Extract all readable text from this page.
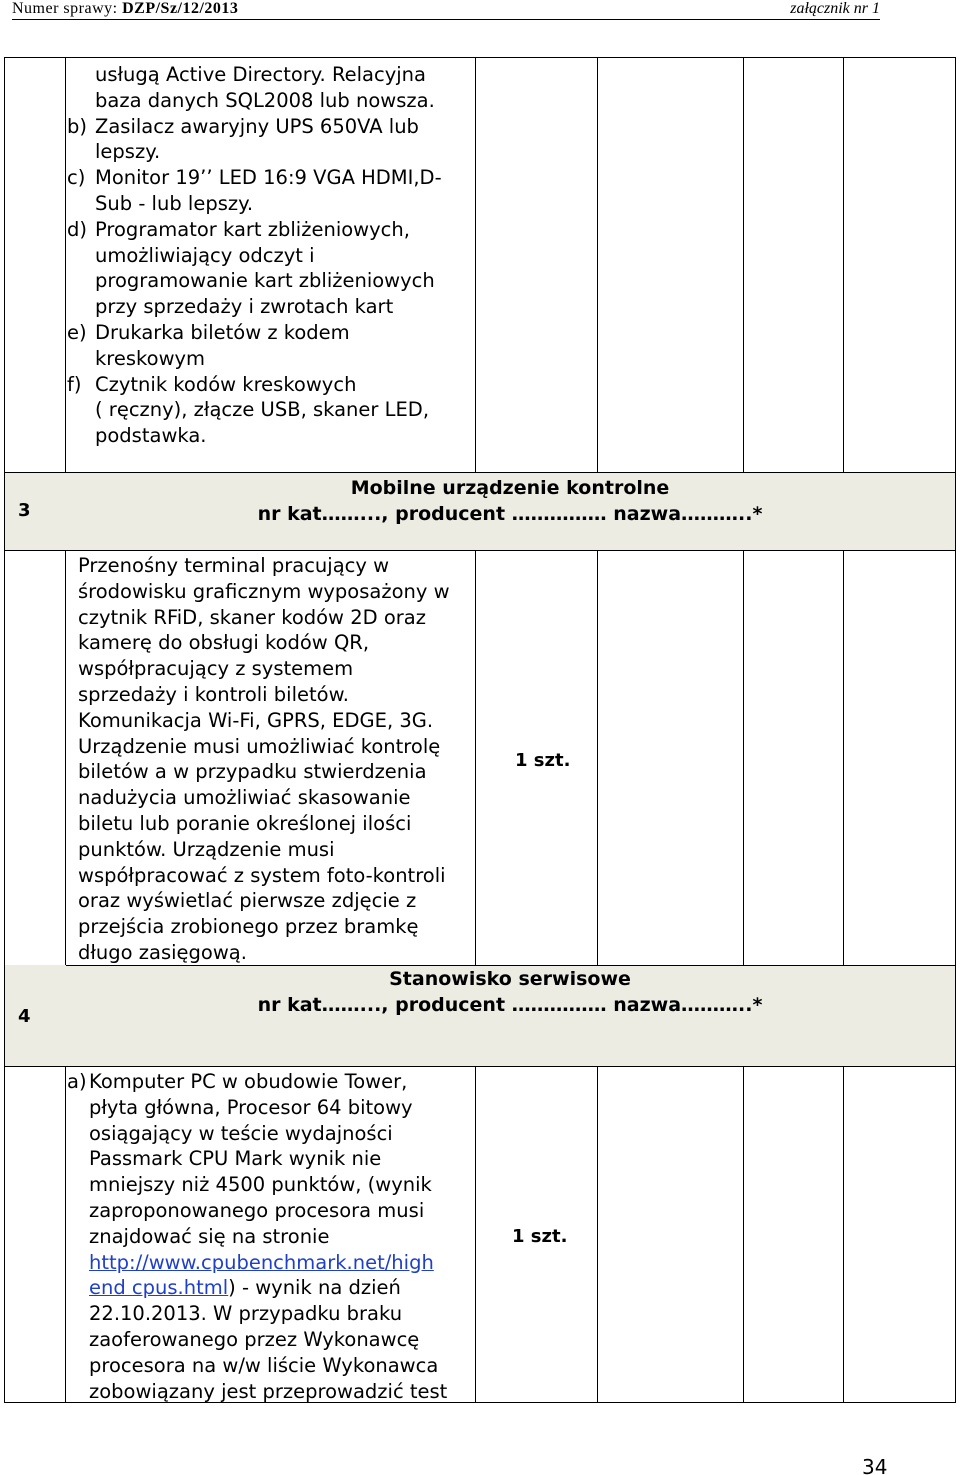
Numer sprawy: DZP/Sz/12/2013	załącznik nr 1
usługą Active Directory. Relacyjna
baza danych SQL2008 lub nowsza.
b) Zasilacz awaryjny UPS 650VA lub
lepszy.
c) Monitor 19’’ LED 16:9 VGA HDMI,D-
Sub - lub lepszy.
d) Programator kart zbliżeniowych,
umożliwiający odczyt i
programowanie kart zbliżeniowych
przy sprzedaży i zwrotach kart
e) Drukarka biletów z kodem
kreskowym
f) Czytnik kodów kreskowych
( ręczny), złącze USB, skaner LED,
podstawka.
3
Mobilne urządzenie kontrolne
nr kat……..., producent …………… nazwa………..*
Przenośny terminal pracujący w
środowisku graficznym wyposażony w
czytnik RFiD, skaner kodów 2D oraz
kamerę do obsługi kodów QR,
współpracujący z systemem
sprzedaży i kontroli biletów.
Komunikacja Wi-Fi, GPRS, EDGE, 3G.
Urządzenie musi umożliwiać kontrolę
biletów a w przypadku stwierdzenia
nadużycia umożliwiać skasowanie
biletu lub poranie określonej ilości
punktów. Urządzenie musi
współpracować z system foto-kontroli
oraz wyświetlać pierwsze zdjęcie z
przejścia zrobionego przez bramkę
długo zasięgową.
1 szt.
4
Stanowisko serwisowe
nr kat……..., producent …………… nazwa………..*
a) Komputer PC w obudowie Tower,
płyta główna, Procesor 64 bitowy
osiągający w teście wydajności
Passmark CPU Mark wynik nie
mniejszy niż 4500 punktów, (wynik
zaproponowanego procesora musi
znajdować się na stronie
http://www.cpubenchmark.net/high
end cpus.html) - wynik na dzień
22.10.2013. W przypadku braku
zaoferowanego przez Wykonawcę
procesora na w/w liście Wykonawca
zobowiązany jest przeprowadzić test
1 szt.
34
